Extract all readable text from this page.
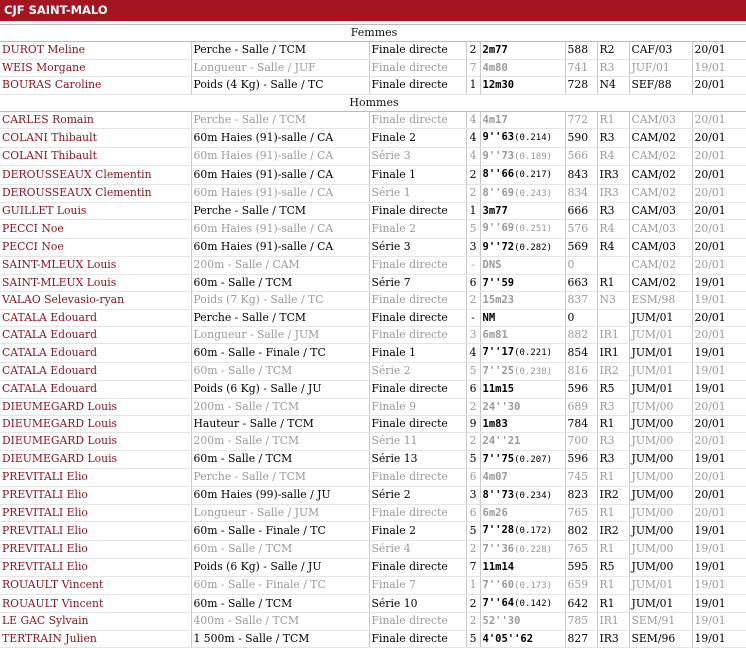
CJF SAINT-MALO
Femmes								
DUROT Meline	Perche - Salle / TCM	Finale directe	2	2m77	588	R2	CAF/03	20/01
WEIS Morgane	Longueur - Salle / JUF	Finale directe	7	4m80	741	R3	JUF/01	19/01
BOURAS Caroline	Poids (4 Kg) - Salle / TC	Finale directe	1	12m30	728	N4	SEF/88	20/01
Hommes								
CARLES Romain	Perche - Salle / TCM	Finale directe	4	4m17	772	R1	CAM/03	20/01
COLANI Thibault	60m Haies (91)-salle / CA	Finale 2	4	9''63(0.214)	590	R3	CAM/02	20/01
COLANI Thibault	60m Haies (91)-salle / CA	Série 3	4	9''73(0.189)	566	R4	CAM/02	20/01
DEROUSSEAUX Clementin	60m Haies (91)-salle / CA	Finale 1	2	8''66(0.217)	843	IR3	CAM/02	20/01
DEROUSSEAUX Clementin	60m Haies (91)-salle / CA	Série 1	2	8''69(0.243)	834	IR3	CAM/02	20/01
GUILLET Louis	Perche - Salle / TCM	Finale directe	1	3m77	666	R3	CAM/03	20/01
PECCI Noe	60m Haies (91)-salle / CA	Finale 2	5	9''69(0.251)	576	R4	CAM/03	20/01
PECCI Noe	60m Haies (91)-salle / CA	Série 3	3	9''72(0.282)	569	R4	CAM/03	20/01
SAINT-MLEUX Louis	200m - Salle / CAM	Finale directe	-	DNS	0		CAM/02	20/01
SAINT-MLEUX Louis	60m - Salle / TCM	Série 7	6	7''59	663	R1	CAM/02	19/01
VALAO Selevasio-ryan	Poids (7 Kg) - Salle / TC	Finale directe	2	15m23	837	N3	ESM/98	19/01
CATALA Edouard	Perche - Salle / TCM	Finale directe	-	NM	0		JUM/01	20/01
CATALA Edouard	Longueur - Salle / JUM	Finale directe	3	6m81	882	IR1	JUM/01	20/01
CATALA Edouard	60m - Salle - Finale / TC	Finale 1	4	7''17(0.221)	854	IR1	JUM/01	19/01
CATALA Edouard	60m - Salle / TCM	Série 2	5	7''25(0.238)	816	IR2	JUM/01	19/01
CATALA Edouard	Poids (6 Kg) - Salle / JU	Finale directe	6	11m15	596	R5	JUM/01	19/01
DIEUMEGARD Louis	200m - Salle / TCM	Finale 9	2	24''30	689	R3	JUM/00	20/01
DIEUMEGARD Louis	Hauteur - Salle / TCM	Finale directe	9	1m83	784	R1	JUM/00	20/01
DIEUMEGARD Louis	200m - Salle / TCM	Série 11	2	24''21	700	R3	JUM/00	20/01
DIEUMEGARD Louis	60m - Salle / TCM	Série 13	5	7''75(0.207)	596	R3	JUM/00	19/01
PREVITALI Elio	Perche - Salle / TCM	Finale directe	6	4m07	745	R1	JUM/00	20/01
PREVITALI Elio	60m Haies (99)-salle / JU	Série 2	3	8''73(0.234)	823	IR2	JUM/00	20/01
PREVITALI Elio	Longueur - Salle / JUM	Finale directe	6	6m26	765	R1	JUM/00	20/01
PREVITALI Elio	60m - Salle - Finale / TC	Finale 2	5	7''28(0.172)	802	IR2	JUM/00	19/01
PREVITALI Elio	60m - Salle / TCM	Série 4	2	7''36(0.228)	765	R1	JUM/00	19/01
PREVITALI Elio	Poids (6 Kg) - Salle / JU	Finale directe	7	11m14	595	R5	JUM/00	19/01
ROUAULT Vincent	60m - Salle - Finale / TC	Finale 7	1	7''60(0.173)	659	R1	JUM/01	19/01
ROUAULT Vincent	60m - Salle / TCM	Série 10	2	7''64(0.142)	642	R1	JUM/01	19/01
LE GAC Sylvain	400m - Salle / TCM	Finale directe	2	52''30	785	IR1	SEM/91	19/01
TERTRAIN Julien	1 500m - Salle / TCM	Finale directe	5	4'05''62	827	IR3	SEM/96	19/01
